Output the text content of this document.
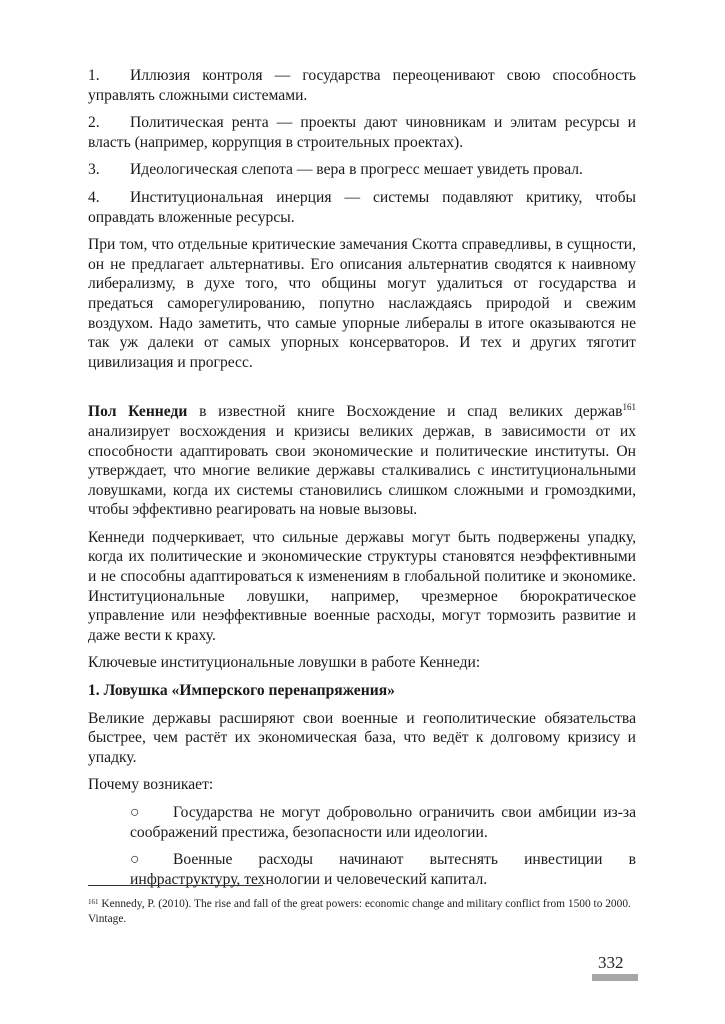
1. Иллюзия контроля — государства переоценивают свою способность управлять сложными системами.

2. Политическая рента — проекты дают чиновникам и элитам ресурсы и власть (например, коррупция в строительных проектах).

3. Идеологическая слепота — вера в прогресс мешает увидеть провал.

4. Институциональная инерция — системы подавляют критику, чтобы оправдать вложенные ресурсы.

При том, что отдельные критические замечания Скотта справедливы, в сущности, он не предлагает альтернативы. Его описания альтернатив сводятся к наивному либерализму, в духе того, что общины могут удалиться от государства и предаться саморегулированию, попутно наслаждаясь природой и свежим воздухом. Надо заметить, что самые упорные либералы в итоге оказываются не так уж далеки от самых упорных консерваторов. И тех и других тяготит цивилизация и прогресс.

Пол Кеннеди в известной книге Восхождение и спад великих держав$^{161}$ анализирует восхождения и кризисы великих держав, в зависимости от их способности адаптировать свои экономические и политические институты. Он утверждает, что многие великие державы сталкивались с институциональными ловушками, когда их системы становились слишком сложными и громоздкими, чтобы эффективно реагировать на новые вызовы.

Кеннеди подчеркивает, что сильные державы могут быть подвержены упадку, когда их политические и экономические структуры становятся неэффективными и не способны адаптироваться к изменениям в глобальной политике и экономике. Институциональные ловушки, например, чрезмерное бюрократическое управление или неэффективные военные расходы, могут тормозить развитие и даже вести к краху.

Ключевые институциональные ловушки в работе Кеннеди:

1. Ловушка «Имперского перенапряжения»

Великие державы расширяют свои военные и геополитические обязательства быстрее, чем растёт их экономическая база, что ведёт к долговому кризису и упадку.

Почему возникает:

○ Государства не могут добровольно ограничить свои амбиции из-за соображений престижа, безопасности или идеологии.

○ Военные расходы начинают вытеснять инвестиции в инфраструктуру, технологии и человеческий капитал.

$^{161}$ Kennedy, P. (2010). The rise and fall of the great powers: economic change and military conflict from 1500 to 2000. Vintage.
332
